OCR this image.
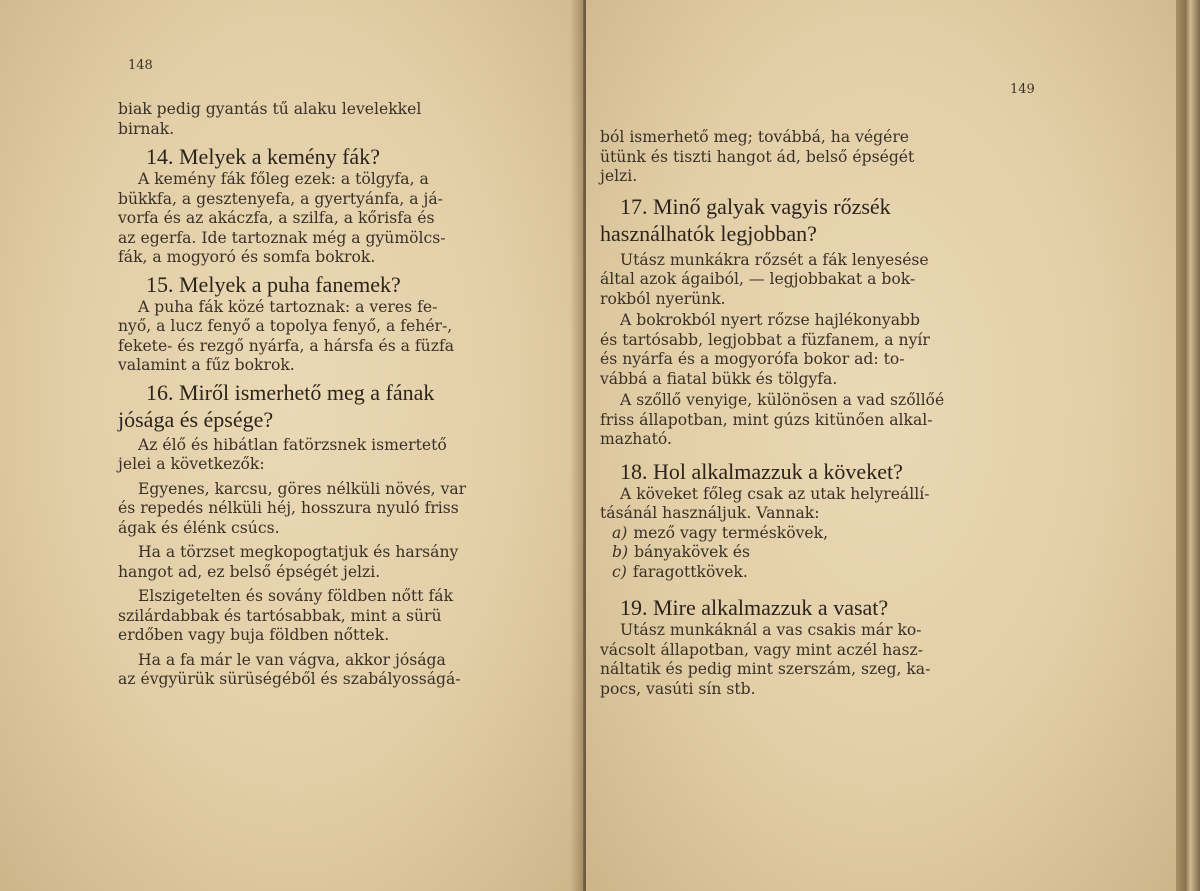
148
biak pedig gyantás tű alaku levelekkel
birnak.
14. Melyek a kemény fák?
A kemény fák főleg ezek: a tölgyfa, a
bükkfa, a gesztenyefa, a gyertyánfa, a já-
vorfa és az akáczfa, a szilfa, a kőrisfa és
az egerfa. Ide tartoznak még a gyümölcs-
fák, a mogyoró és somfa bokrok.
15. Melyek a puha fanemek?
A puha fák közé tartoznak: a veres fe-
nyő, a lucz fenyő a topolya fenyő, a fehér-,
fekete- és rezgő nyárfa, a hársfa és a füzfa
valamint a fűz bokrok.
16. Miről ismerhető meg a fának
jósága és épsége?
Az élő és hibátlan fatörzsnek ismertető
jelei a következők:
Egyenes, karcsu, göres nélküli növés, var
és repedés nélküli héj, hosszura nyuló friss
ágak és élénk csúcs.
Ha a törzset megkopogtatjuk és harsány
hangot ad, ez belső épségét jelzi.
Elszigetelten és sovány földben nőtt fák
szilárdabbak és tartósabbak, mint a sürü
erdőben vagy buja földben nőttek.
Ha a fa már le van vágva, akkor jósága
az évgyürük sürüségéből és szabályosságá-
149
ból ismerhető meg; továbbá, ha végére
ütünk és tiszti hangot ád, belső épségét
jelzi.
17. Minő galyak vagyis rőzsék
használhatók legjobban?
Utász munkákra rőzsét a fák lenyesése
által azok ágaiból, — legjobbakat a bok-
rokból nyerünk.
A bokrokból nyert rőzse hajlékonyabb
és tartósabb, legjobbat a füzfanem, a nyír
és nyárfa és a mogyorófa bokor ad: to-
vábbá a fiatal bükk és tölgyfa.
A szőllő venyige, különösen a vad szőllőé
friss állapotban, mint gúzs kitünően alkal-
mazható.
18. Hol alkalmazzuk a köveket?
A köveket főleg csak az utak helyreállí-
tásánál használjuk. Vannak:
a) mező vagy terméskövek,
b) bányakövek és
c) faragottkövek.
19. Mire alkalmazzuk a vasat?
Utász munkáknál a vas csakis már ko-
vácsolt állapotban, vagy mint aczél hasz-
náltatik és pedig mint szerszám, szeg, ka-
pocs, vasúti sín stb.
